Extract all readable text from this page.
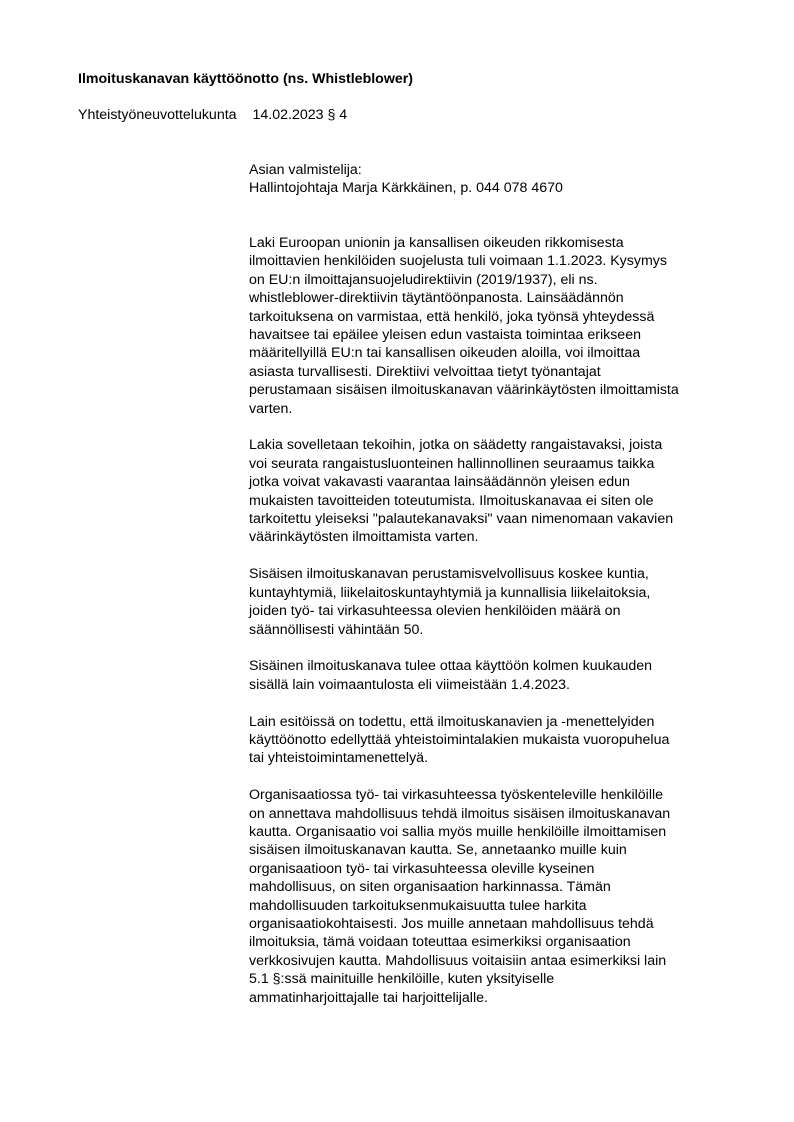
Ilmoituskanavan käyttöönotto (ns. Whistleblower)
Yhteistyöneuvottelukunta 14.02.2023 § 4
Asian valmistelija:
Hallintojohtaja Marja Kärkkäinen, p. 044 078 4670

Laki Euroopan unionin ja kansallisen oikeuden rikkomisesta
ilmoittavien henkilöiden suojelusta tuli voimaan 1.1.2023. Kysymys
on EU:n ilmoittajansuojeludirektiivin (2019/1937), eli ns.
whistleblower-direktiivin täytäntöönpanosta. Lainsäädännön
tarkoituksena on varmistaa, että henkilö, joka työnsä yhteydessä
havaitsee tai epäilee yleisen edun vastaista toimintaa erikseen
määritellyillä EU:n tai kansallisen oikeuden aloilla, voi ilmoittaa
asiasta turvallisesti. Direktiivi velvoittaa tietyt työnantajat
perustamaan sisäisen ilmoituskanavan väärinkäytösten ilmoittamista
varten.

Lakia sovelletaan tekoihin, jotka on säädetty rangaistavaksi, joista
voi seurata rangaistusluonteinen hallinnollinen seuraamus taikka
jotka voivat vakavasti vaarantaa lainsäädännön yleisen edun
mukaisten tavoitteiden toteutumista. Ilmoituskanavaa ei siten ole
tarkoitettu yleiseksi "palautekanavaksi" vaan nimenomaan vakavien
väärinkäytösten ilmoittamista varten.

Sisäisen ilmoituskanavan perustamisvelvollisuus koskee kuntia,
kuntayhtymiä, liikelaitoskuntayhtymiä ja kunnallisia liikelaitoksia,
joiden työ- tai virkasuhteessa olevien henkilöiden määrä on
säännöllisesti vähintään 50.

Sisäinen ilmoituskanava tulee ottaa käyttöön kolmen kuukauden
sisällä lain voimaantulosta eli viimeistään 1.4.2023.

Lain esitöissä on todettu, että ilmoituskanavien ja -menettelyiden
käyttöönotto edellyttää yhteistoimintalakien mukaista vuoropuhelua
tai yhteistoimintamenettelyä.

Organisaatiossa työ- tai virkasuhteessa työskenteleville henkilöille
on annettava mahdollisuus tehdä ilmoitus sisäisen ilmoituskanavan
kautta. Organisaatio voi sallia myös muille henkilöille ilmoittamisen
sisäisen ilmoituskanavan kautta. Se, annetaanko muille kuin
organisaatioon työ- tai virkasuhteessa oleville kyseinen
mahdollisuus, on siten organisaation harkinnassa. Tämän
mahdollisuuden tarkoituksenmukaisuutta tulee harkita
organisaatiokohtaisesti. Jos muille annetaan mahdollisuus tehdä
ilmoituksia, tämä voidaan toteuttaa esimerkiksi organisaation
verkkosivujen kautta. Mahdollisuus voitaisiin antaa esimerkiksi lain
5.1 §:ssä mainituille henkilöille, kuten yksityiselle
ammatinharjoittajalle tai harjoittelijalle.
